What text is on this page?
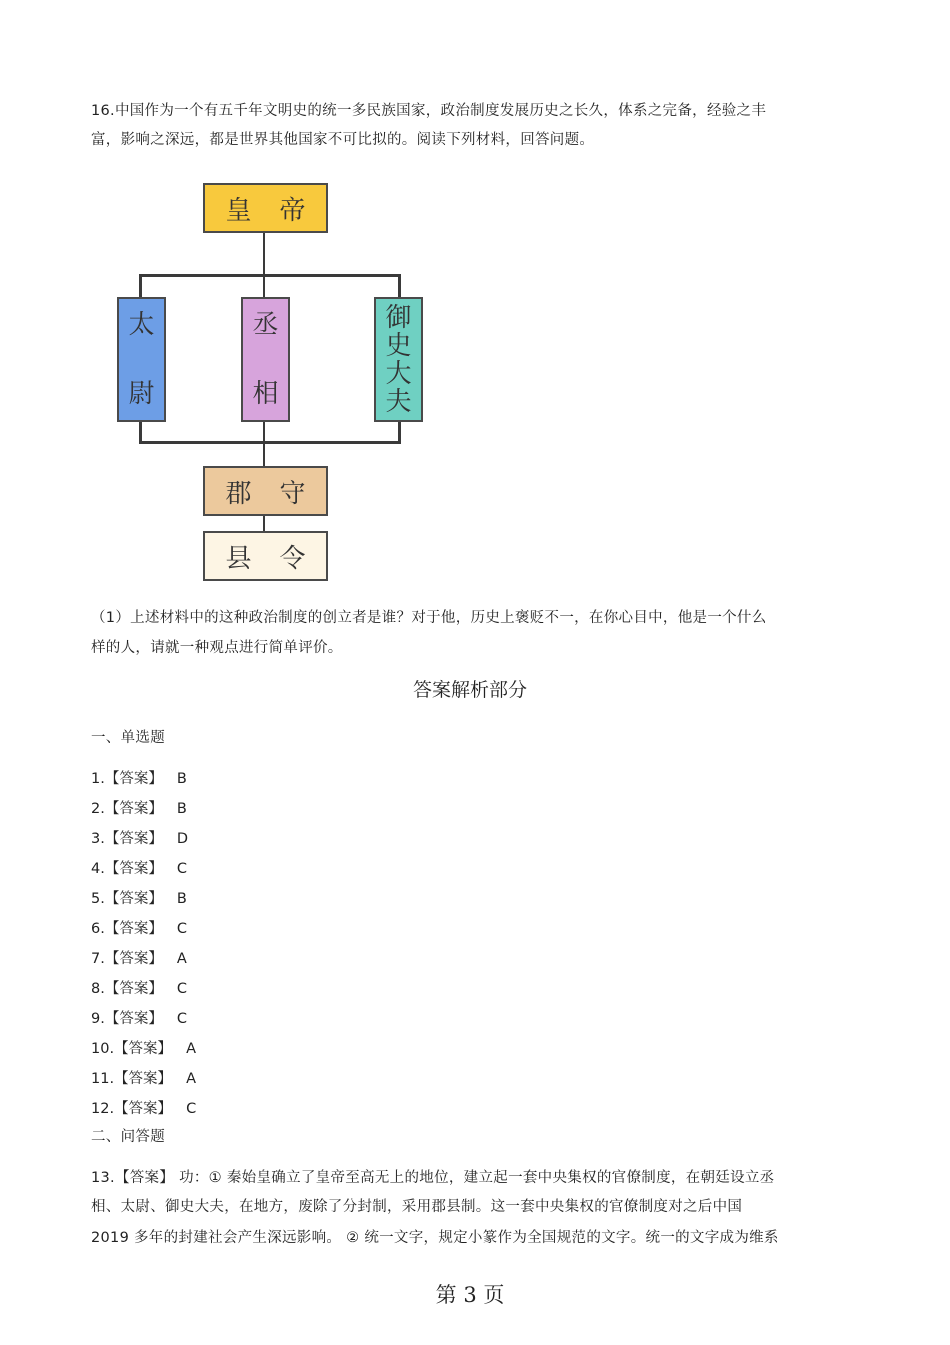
16.中国作为一个有五千年文明史的统一多民族国家，政治制度发展历史之长久，体系之完备，经验之丰
富，影响之深远，都是世界其他国家不可比拟的。阅读下列材料，回答问题。
皇 帝
太
尉
丞
相
御
史
大
夫
郡 守
县 令
（1）上述材料中的这种政治制度的创立者是谁？对于他，历史上褒贬不一，在你心目中，他是一个什么
样的人，请就一种观点进行简单评价。
答案解析部分
一、单选题
1.【答案】 B
2.【答案】 B
3.【答案】 D
4.【答案】 C
5.【答案】 B
6.【答案】 C
7.【答案】 A
8.【答案】 C
9.【答案】 C
10.【答案】 A
11.【答案】 A
12.【答案】 C
二、问答题
13.【答案】 功：① 秦始皇确立了皇帝至高无上的地位，建立起一套中央集权的官僚制度，在朝廷设立丞
相、太尉、御史大夫，在地方，废除了分封制，采用郡县制。这一套中央集权的官僚制度对之后中国
2019 多年的封建社会产生深远影响。 ② 统一文字，规定小篆作为全国规范的文字。统一的文字成为维系
第 3 页
